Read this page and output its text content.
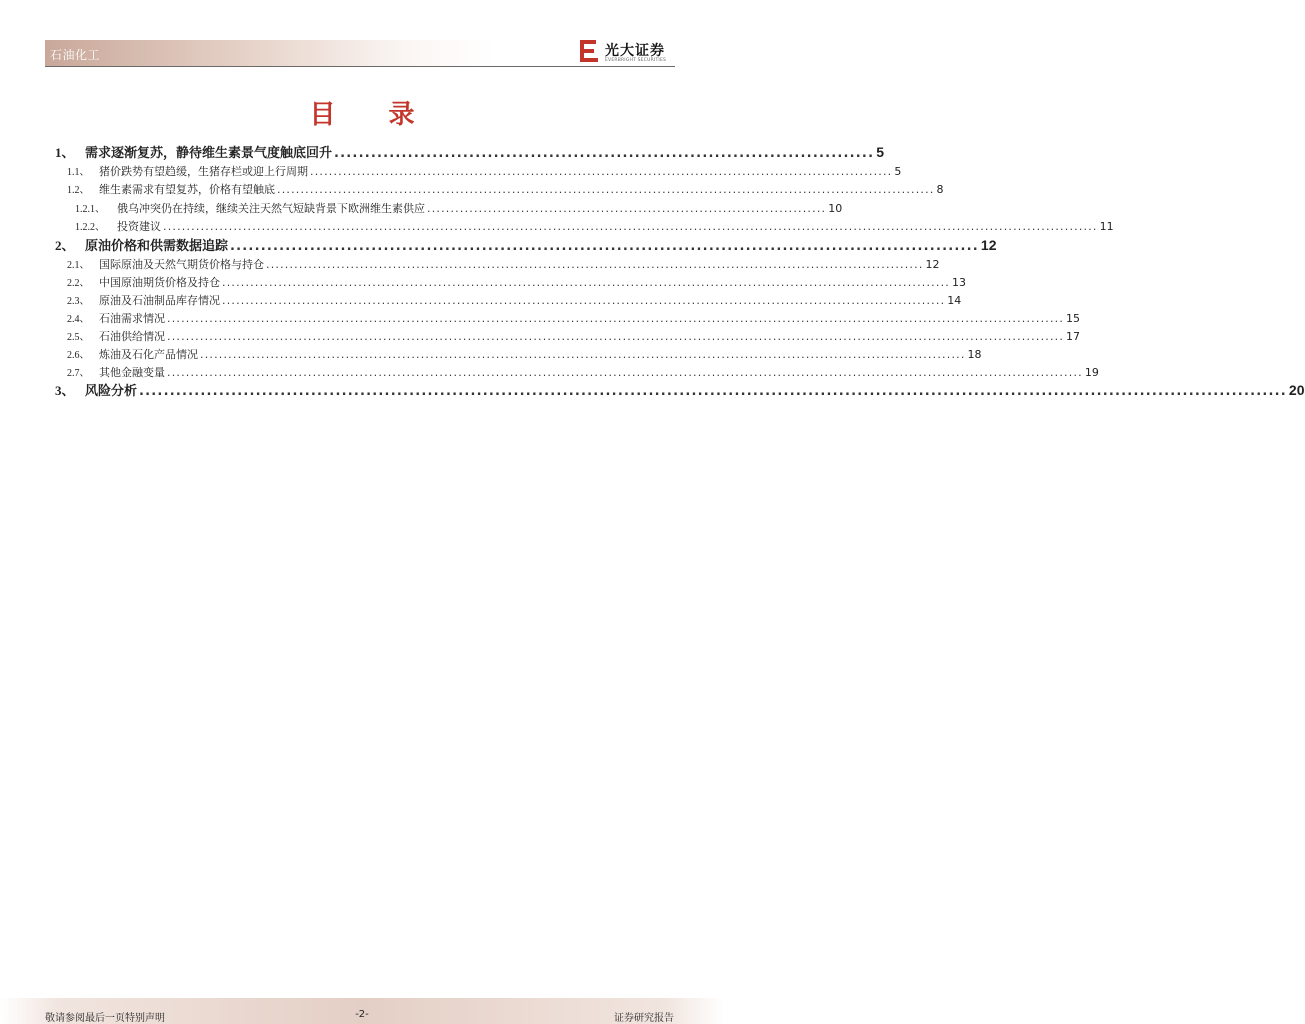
石油化工	光大证券
EVERBRIGHT SECURITIES
目 录
1、 需求逐渐复苏，静待维生素景气度触底回升 ........................................................................................ 5
1.1、 猪价跌势有望趋缓，生猪存栏或迎上行周期 ............................................................................................................................ 5
1.2、 维生素需求有望复苏，价格有望触底 ............................................................................................................................................ 8
1.2.1、	俄乌冲突仍在持续，继续关注天然气短缺背景下欧洲维生素供应 ..................................................................................... 10
1.2.2、	投资建议 ....................................................................................................................................................................................................... 11
2、 原油价格和供需数据追踪 .......................................................................................................................... 12
2.1、 国际原油及天然气期货价格与持仓 ............................................................................................................................................ 12
2.2、 中国原油期货价格及持仓 ........................................................................................................................................................... 13
2.3、 原油及石油制品库存情况 .......................................................................................................................................................... 14
2.4、 石油需求情况 ............................................................................................................................................................................................... 15
2.5、 石油供给情况 ............................................................................................................................................................................................... 17
2.6、 炼油及石化产品情况 ................................................................................................................................................................... 18
2.7、 其他金融变量 ................................................................................................................................................................................................... 19
3、 风险分析 ........................................................................................................................................................................................... 20
敬请参阅最后一页特别声明	-2-	证券研究报告
